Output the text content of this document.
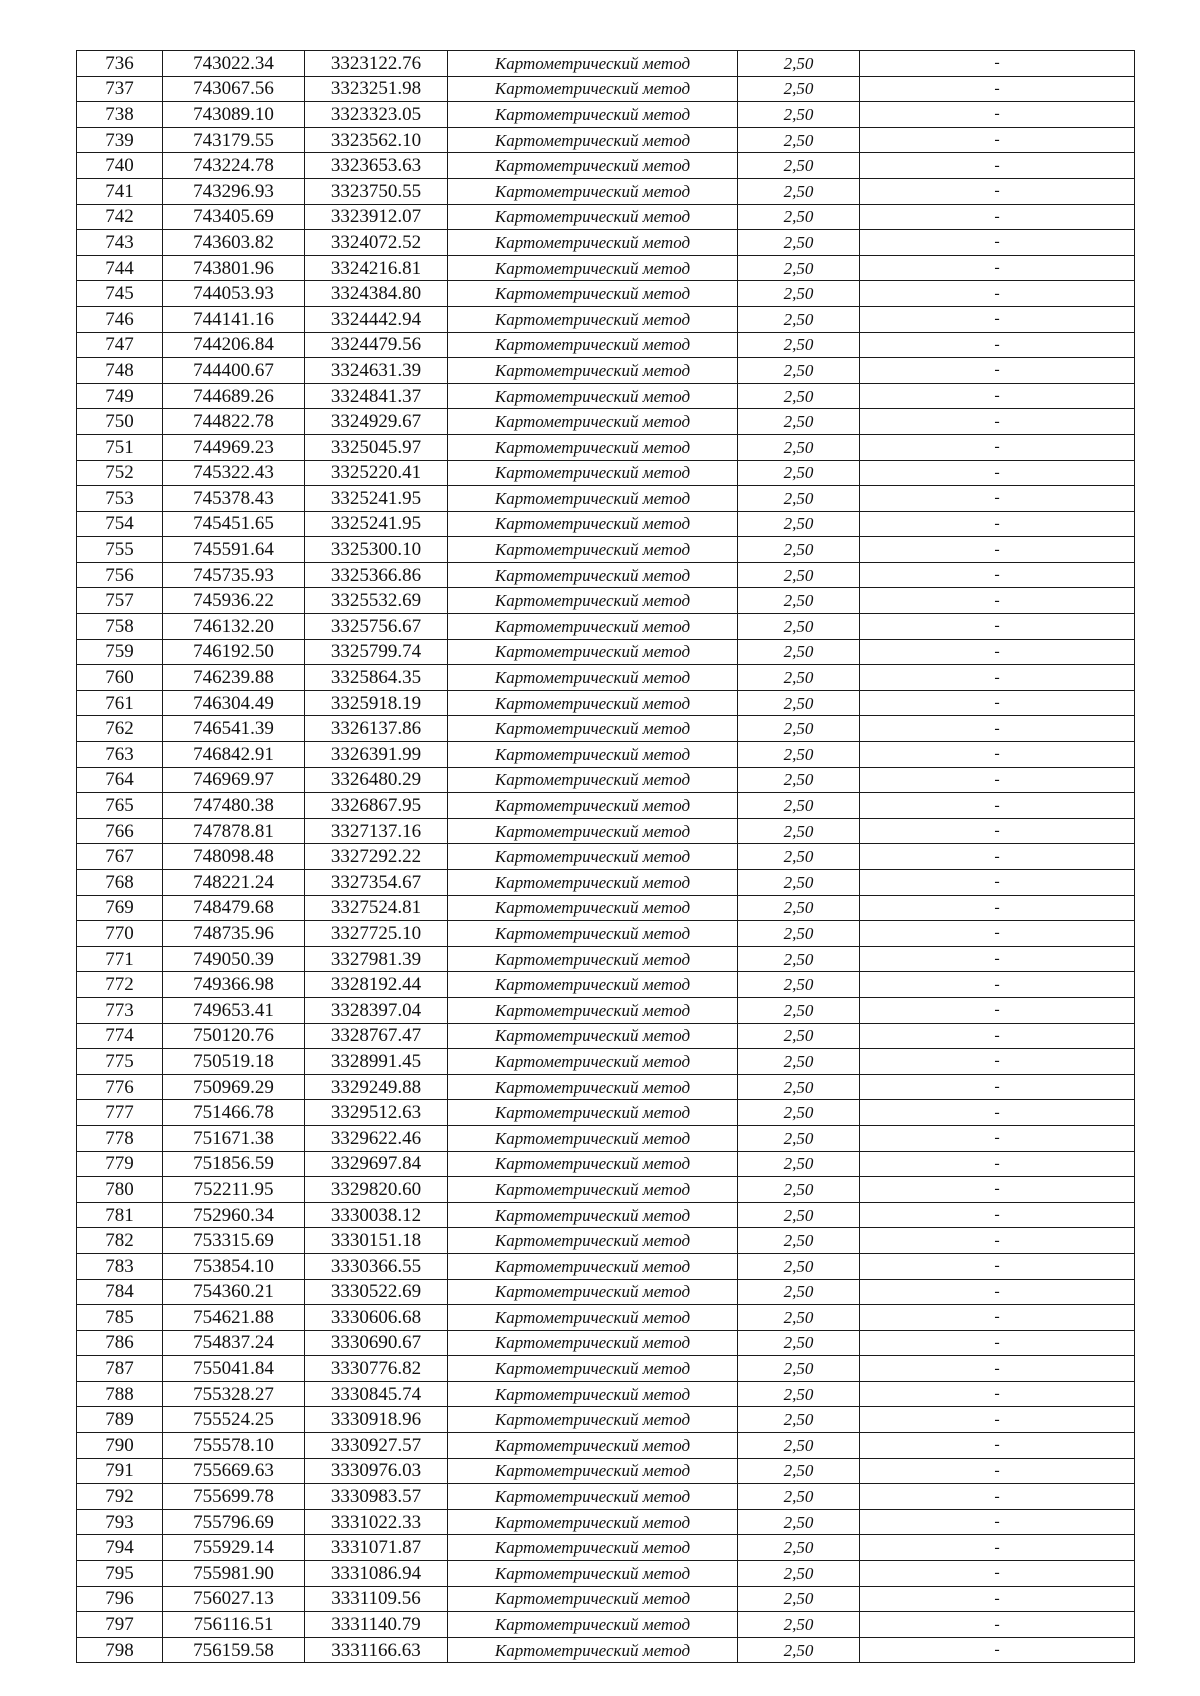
736	743022.34	3323122.76	Картометрический метод	2,50	-
737	743067.56	3323251.98	Картометрический метод	2,50	-
738	743089.10	3323323.05	Картометрический метод	2,50	-
739	743179.55	3323562.10	Картометрический метод	2,50	-
740	743224.78	3323653.63	Картометрический метод	2,50	-
741	743296.93	3323750.55	Картометрический метод	2,50	-
742	743405.69	3323912.07	Картометрический метод	2,50	-
743	743603.82	3324072.52	Картометрический метод	2,50	-
744	743801.96	3324216.81	Картометрический метод	2,50	-
745	744053.93	3324384.80	Картометрический метод	2,50	-
746	744141.16	3324442.94	Картометрический метод	2,50	-
747	744206.84	3324479.56	Картометрический метод	2,50	-
748	744400.67	3324631.39	Картометрический метод	2,50	-
749	744689.26	3324841.37	Картометрический метод	2,50	-
750	744822.78	3324929.67	Картометрический метод	2,50	-
751	744969.23	3325045.97	Картометрический метод	2,50	-
752	745322.43	3325220.41	Картометрический метод	2,50	-
753	745378.43	3325241.95	Картометрический метод	2,50	-
754	745451.65	3325241.95	Картометрический метод	2,50	-
755	745591.64	3325300.10	Картометрический метод	2,50	-
756	745735.93	3325366.86	Картометрический метод	2,50	-
757	745936.22	3325532.69	Картометрический метод	2,50	-
758	746132.20	3325756.67	Картометрический метод	2,50	-
759	746192.50	3325799.74	Картометрический метод	2,50	-
760	746239.88	3325864.35	Картометрический метод	2,50	-
761	746304.49	3325918.19	Картометрический метод	2,50	-
762	746541.39	3326137.86	Картометрический метод	2,50	-
763	746842.91	3326391.99	Картометрический метод	2,50	-
764	746969.97	3326480.29	Картометрический метод	2,50	-
765	747480.38	3326867.95	Картометрический метод	2,50	-
766	747878.81	3327137.16	Картометрический метод	2,50	-
767	748098.48	3327292.22	Картометрический метод	2,50	-
768	748221.24	3327354.67	Картометрический метод	2,50	-
769	748479.68	3327524.81	Картометрический метод	2,50	-
770	748735.96	3327725.10	Картометрический метод	2,50	-
771	749050.39	3327981.39	Картометрический метод	2,50	-
772	749366.98	3328192.44	Картометрический метод	2,50	-
773	749653.41	3328397.04	Картометрический метод	2,50	-
774	750120.76	3328767.47	Картометрический метод	2,50	-
775	750519.18	3328991.45	Картометрический метод	2,50	-
776	750969.29	3329249.88	Картометрический метод	2,50	-
777	751466.78	3329512.63	Картометрический метод	2,50	-
778	751671.38	3329622.46	Картометрический метод	2,50	-
779	751856.59	3329697.84	Картометрический метод	2,50	-
780	752211.95	3329820.60	Картометрический метод	2,50	-
781	752960.34	3330038.12	Картометрический метод	2,50	-
782	753315.69	3330151.18	Картометрический метод	2,50	-
783	753854.10	3330366.55	Картометрический метод	2,50	-
784	754360.21	3330522.69	Картометрический метод	2,50	-
785	754621.88	3330606.68	Картометрический метод	2,50	-
786	754837.24	3330690.67	Картометрический метод	2,50	-
787	755041.84	3330776.82	Картометрический метод	2,50	-
788	755328.27	3330845.74	Картометрический метод	2,50	-
789	755524.25	3330918.96	Картометрический метод	2,50	-
790	755578.10	3330927.57	Картометрический метод	2,50	-
791	755669.63	3330976.03	Картометрический метод	2,50	-
792	755699.78	3330983.57	Картометрический метод	2,50	-
793	755796.69	3331022.33	Картометрический метод	2,50	-
794	755929.14	3331071.87	Картометрический метод	2,50	-
795	755981.90	3331086.94	Картометрический метод	2,50	-
796	756027.13	3331109.56	Картометрический метод	2,50	-
797	756116.51	3331140.79	Картометрический метод	2,50	-
798	756159.58	3331166.63	Картометрический метод	2,50	-
